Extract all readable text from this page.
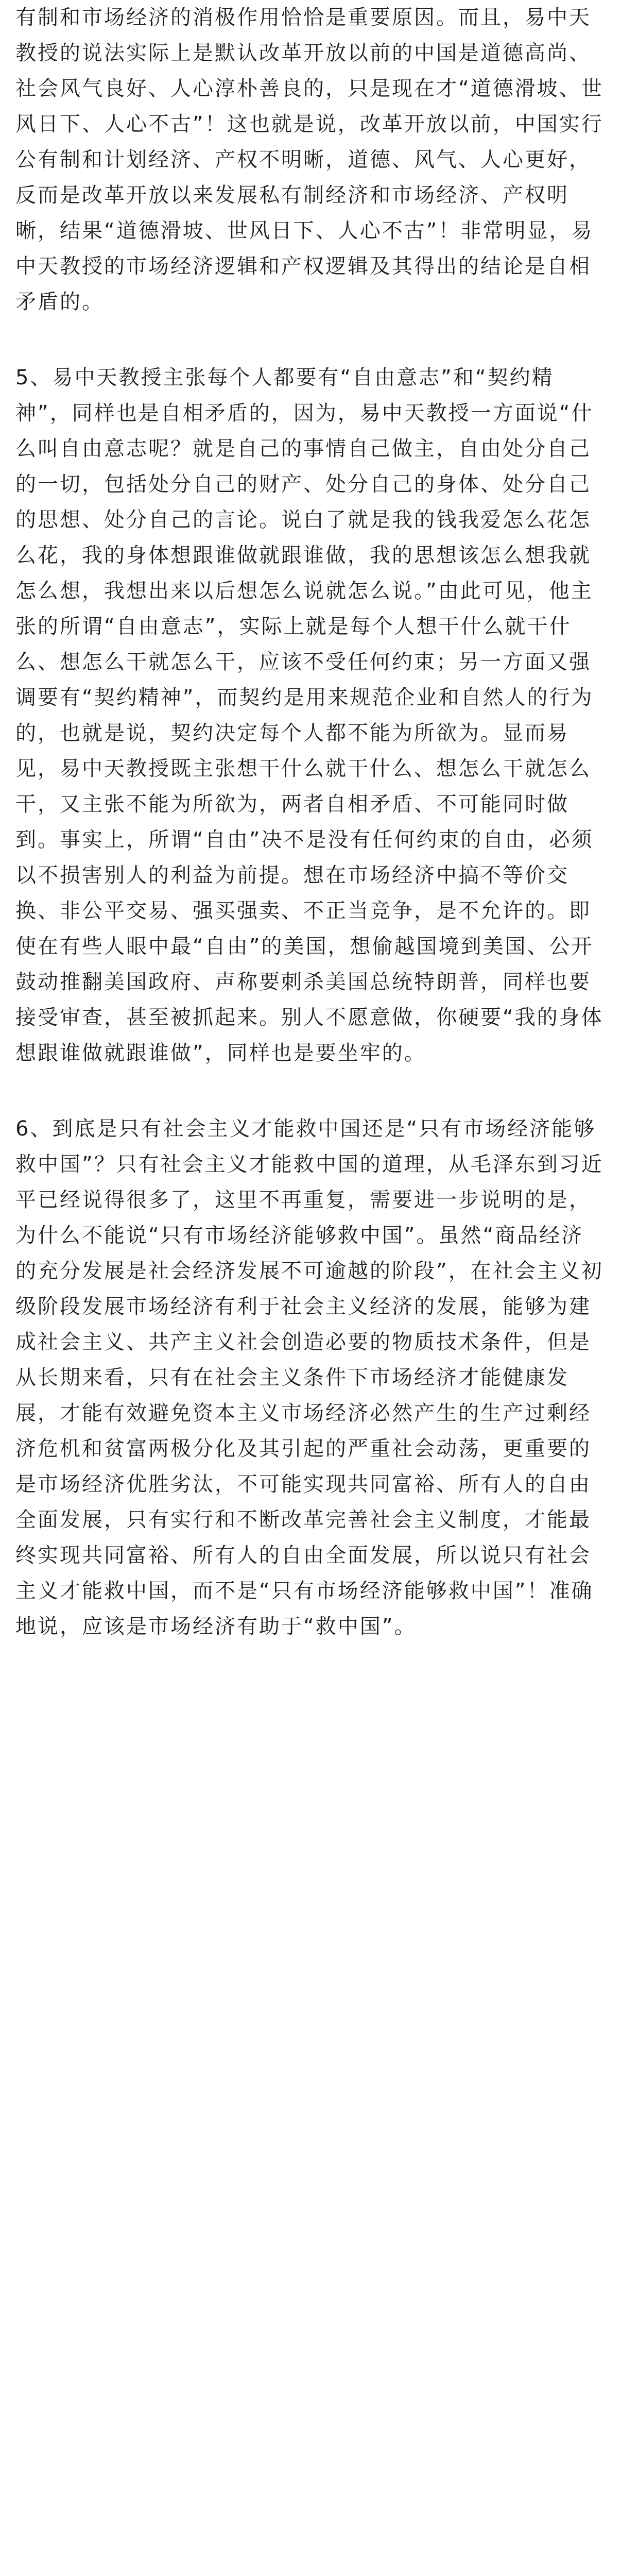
有制和市场经济的消极作用恰恰是重要原因。而且，易中天教授的说法实际上是默认改革开放以前的中国是道德高尚、社会风气良好、人心淳朴善良的，只是现在才“道德滑坡、世风日下、人心不古”！这也就是说，改革开放以前，中国实行公有制和计划经济、产权不明晰，道德、风气、人心更好，反而是改革开放以来发展私有制经济和市场经济、产权明晰，结果“道德滑坡、世风日下、人心不古”！非常明显，易中天教授的市场经济逻辑和产权逻辑及其得出的结论是自相矛盾的。

5、易中天教授主张每个人都要有“自由意志”和“契约精神”，同样也是自相矛盾的，因为，易中天教授一方面说“什么叫自由意志呢？就是自己的事情自己做主，自由处分自己的一切，包括处分自己的财产、处分自己的身体、处分自己的思想、处分自己的言论。说白了就是我的钱我爱怎么花怎么花，我的身体想跟谁做就跟谁做，我的思想该怎么想我就怎么想，我想出来以后想怎么说就怎么说。”由此可见，他主张的所谓“自由意志”，实际上就是每个人想干什么就干什么、想怎么干就怎么干，应该不受任何约束；另一方面又强调要有“契约精神”，而契约是用来规范企业和自然人的行为的，也就是说，契约决定每个人都不能为所欲为。显而易见，易中天教授既主张想干什么就干什么、想怎么干就怎么干，又主张不能为所欲为，两者自相矛盾、不可能同时做到。事实上，所谓“自由”决不是没有任何约束的自由，必须以不损害别人的利益为前提。想在市场经济中搞不等价交换、非公平交易、强买强卖、不正当竞争，是不允许的。即使在有些人眼中最“自由”的美国，想偷越国境到美国、公开鼓动推翻美国政府、声称要刺杀美国总统特朗普，同样也要接受审查，甚至被抓起来。别人不愿意做，你硬要“我的身体想跟谁做就跟谁做”，同样也是要坐牢的。

6、到底是只有社会主义才能救中国还是“只有市场经济能够救中国”？只有社会主义才能救中国的道理，从毛泽东到习近平已经说得很多了，这里不再重复，需要进一步说明的是，为什么不能说“只有市场经济能够救中国”。虽然“商品经济的充分发展是社会经济发展不可逾越的阶段”，在社会主义初级阶段发展市场经济有利于社会主义经济的发展，能够为建成社会主义、共产主义社会创造必要的物质技术条件，但是从长期来看，只有在社会主义条件下市场经济才能健康发展，才能有效避免资本主义市场经济必然产生的生产过剩经济危机和贫富两极分化及其引起的严重社会动荡，更重要的是市场经济优胜劣汰，不可能实现共同富裕、所有人的自由全面发展，只有实行和不断改革完善社会主义制度，才能最终实现共同富裕、所有人的自由全面发展，所以说只有社会主义才能救中国，而不是“只有市场经济能够救中国”！准确地说，应该是市场经济有助于“救中国”。
